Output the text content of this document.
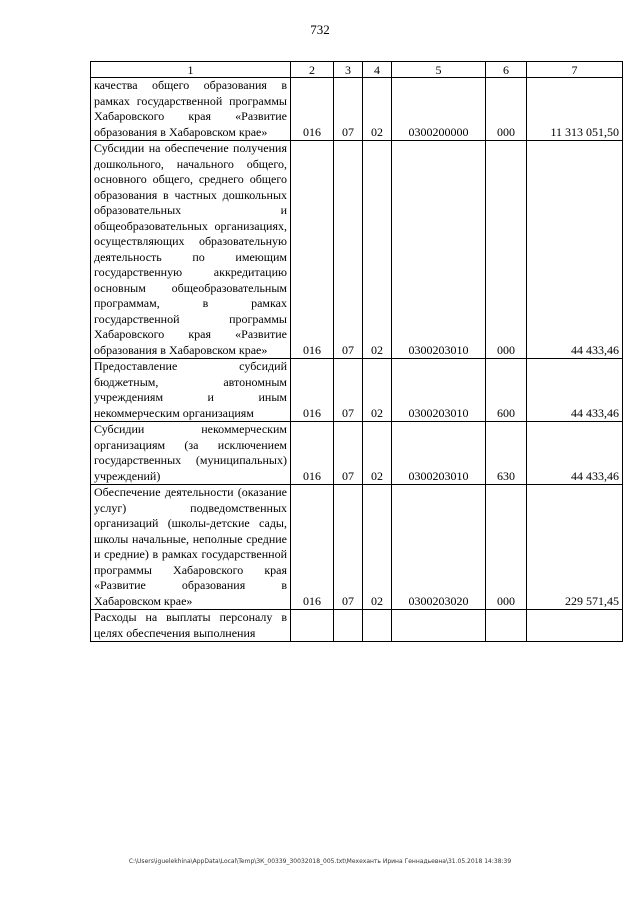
732
1	2	3	4	5	6	7
качества общего образования в рамках государственной программы Хабаровского края «Развитие образования в Хабаровском крае»	016	07	02	0300200000	000	11 313 051,50
Субсидии на обеспечение получения дошкольного, начального общего, основного общего, среднего общего образования в частных дошкольных образовательных и общеобразовательных организациях, осуществляющих образовательную деятельность по имеющим государственную аккредитацию основным общеобразовательным программам, в рамках государственной программы Хабаровского края «Развитие образования в Хабаровском крае»	016	07	02	0300203010	000	44 433,46
Предоставление субсидий бюджетным, автономным учреждениям и иным некоммерческим организациям	016	07	02	0300203010	600	44 433,46
Субсидии некоммерческим организациям (за исключением государственных (муниципальных) учреждений)	016	07	02	0300203010	630	44 433,46
Обеспечение деятельности (оказание услуг) подведомственных организаций (школы-детские сады, школы начальные, неполные средние и средние) в рамках государственной программы Хабаровского края «Развитие образования в Хабаровском крае»	016	07	02	0300203020	000	229 571,45
Расходы на выплаты персоналу в целях обеспечения выполнения						
C:\Users\iguelekhina\AppData\Local\Temp\ЗК_00339_30032018_005.txt\Мехеханть Ирина Геннадьевна\31.05.2018 14:38:39
